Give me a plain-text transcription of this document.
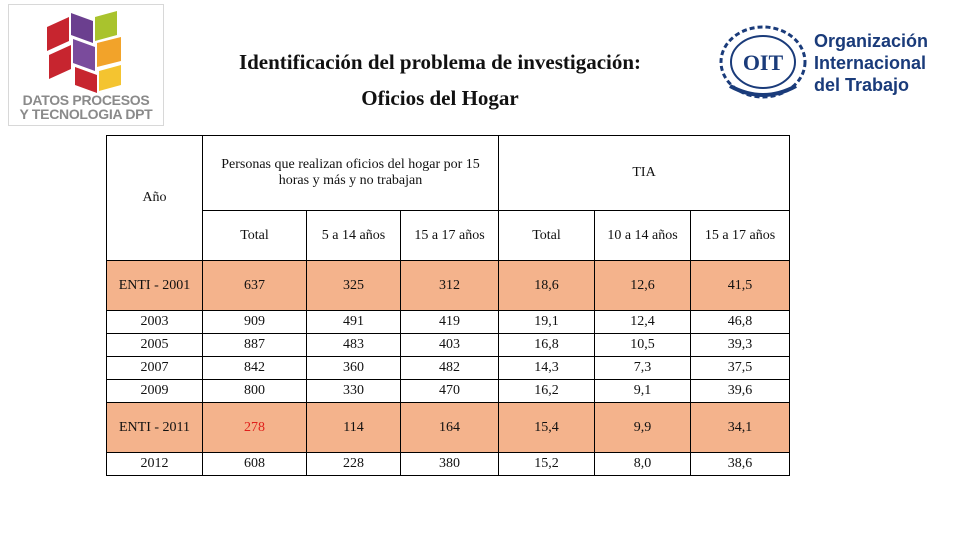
DATOS PROCESOS
Y TECNOLOGIA DPT
Identificación del problema de investigación:
Oficios del Hogar
OIT
Organización
Internacional
del Trabajo
Año	Personas que realizan oficios del hogar por 15 horas y más y no trabajan			TIA		
	Total	5 a 14 años	15 a 17 años	Total	10 a 14 años	15 a 17 años
ENTI - 2001	637	325	312	18,6	12,6	41,5
2003	909	491	419	19,1	12,4	46,8
2005	887	483	403	16,8	10,5	39,3
2007	842	360	482	14,3	7,3	37,5
2009	800	330	470	16,2	9,1	39,6
ENTI - 2011	278	114	164	15,4	9,9	34,1
2012	608	228	380	15,2	8,0	38,6
